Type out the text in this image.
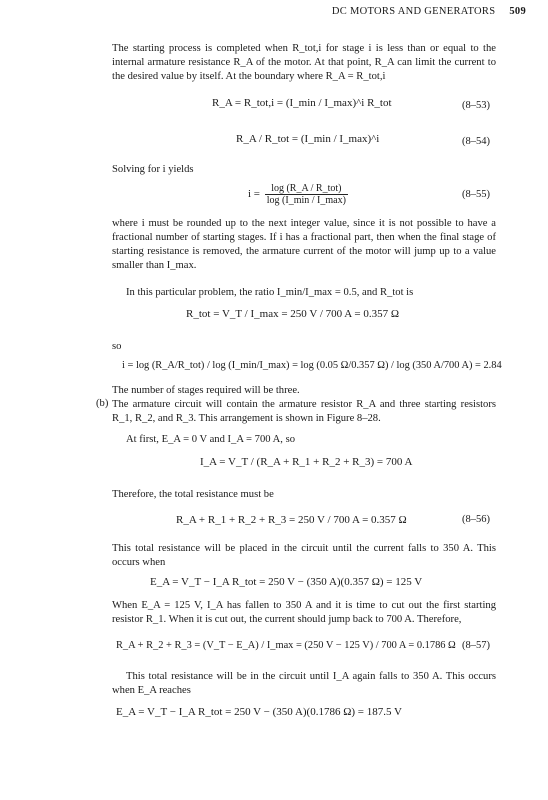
DC MOTORS AND GENERATORS 509
The starting process is completed when R_tot,i for stage i is less than or equal to the internal armature resistance R_A of the motor. At that point, R_A can limit the current to the desired value by itself. At the boundary where R_A = R_tot,i
R_A = R_tot,i = (I_min / I_max)^i R_tot	(8–53)
R_A / R_tot = (I_min / I_max)^i	(8–54)
Solving for i yields
$i = \frac{\text{log (R\_A / R\_tot)}}{\log (I\_\min / I\_\max)}$	(8–55)
where i must be rounded up to the next integer value, since it is not possible to have a fractional number of starting stages. If i has a fractional part, then when the final stage of starting resistance is removed, the armature current of the motor will jump up to a value smaller than I_max.
In this particular problem, the ratio I_min/I_max = 0.5, and R_tot is
R_tot = V_T / I_max = 250 V / 700 A = 0.357 Ω
so
i = log (R_A/R_tot) / log (I_min/I_max) = log (0.05 Ω/0.357 Ω) / log (350 A/700 A) = 2.84
The number of stages required will be three.
(b) The armature circuit will contain the armature resistor R_A and three starting resistors R_1, R_2, and R_3. This arrangement is shown in Figure 8–28.
At first, E_A = 0 V and I_A = 700 A, so
I_A = V_T / (R_A + R_1 + R_2 + R_3) = 700 A
Therefore, the total resistance must be
R_A + R_1 + R_2 + R_3 = 250 V / 700 A = 0.357 Ω	(8–56)
This total resistance will be placed in the circuit until the current falls to 350 A. This occurs when
E_A = V_T − I_A R_tot = 250 V − (350 A)(0.357 Ω) = 125 V
When E_A = 125 V, I_A has fallen to 350 A and it is time to cut out the first starting resistor R_1. When it is cut out, the current should jump back to 700 A. Therefore,
R_A + R_2 + R_3 = (V_T − E_A) / I_max = (250 V − 125 V) / 700 A = 0.1786 Ω (8–57)
This total resistance will be in the circuit until I_A again falls to 350 A. This occurs when E_A reaches
E_A = V_T − I_A R_tot = 250 V − (350 A)(0.1786 Ω) = 187.5 V
